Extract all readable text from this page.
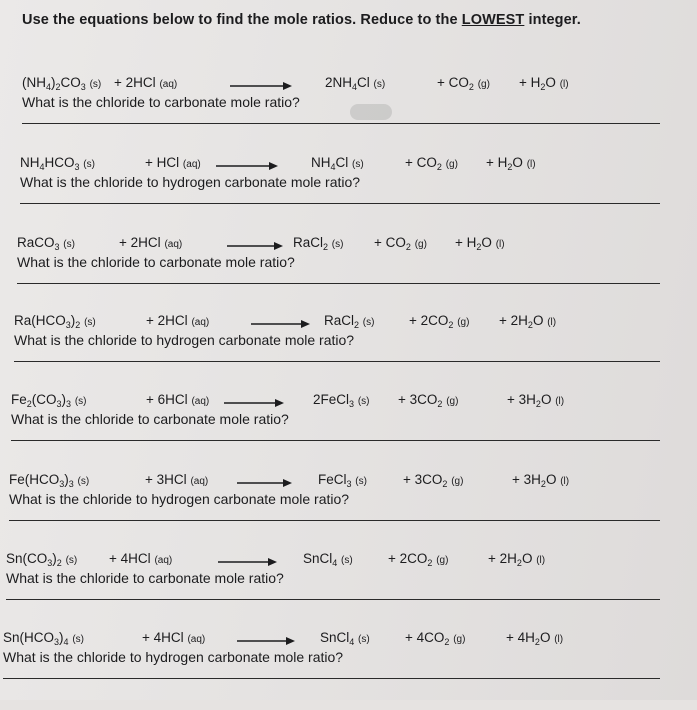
Use the equations below to find the mole ratios. Reduce to the LOWEST integer.
$(NH_4)_2CO_3$ (s) + 2HCl (aq)	$2NH_4Cl$ (s)	+ $CO_2$ $(g) + H_2O$ (l)
What is the chloride to carbonate mole ratio?
$NH_4HCO_3$ (s)	+ HCl (aq)	$NH_4Cl$ (s)	+ $CO_2$ $(g) + H_2O$ (l)
What is the chloride to hydrogen carbonate mole ratio?
RaCO$_3$ (s)	+ 2HCl (aq)	RaCl$_2$ $(s) + CO_2$ $(g) + H_2O$ (l)
What is the chloride to carbonate mole ratio?
$Ra(HCO_3)_2$ (s)	+ 2HCl (aq)	RaCl$_2$ (s)	+ $2CO_2$ $(g) + 2H_2O$ (l)
What is the chloride to hydrogen carbonate mole ratio?
$Fe_2(CO_3)_3$ (s)	+ 6HCl (aq)	2FeCl$_3$ $(s) + 3CO_2$ (g)	+ $3H_2O$ (l)
What is the chloride to carbonate mole ratio?
$Fe(HCO_3)_3$ (s)	+ 3HCl (aq)	FeCl$_3$ (s)	+ $3CO_2$ (g)	+ $3H_2O$ (l)
What is the chloride to hydrogen carbonate mole ratio?
$Sn(CO_3)_2$ (s) + 4HCl (aq)	SnCl$_4$ (s)	+ $2CO_2$ (g)	+ $2H_2O$ (l)
What is the chloride to carbonate mole ratio?
$Sn(HCO_3)_4$ (s)	+ 4HCl (aq)	SnCl$_4$ (s)	+ $4CO_2$ (g)	+ $4H_2O$ (l)
What is the chloride to hydrogen carbonate mole ratio?
